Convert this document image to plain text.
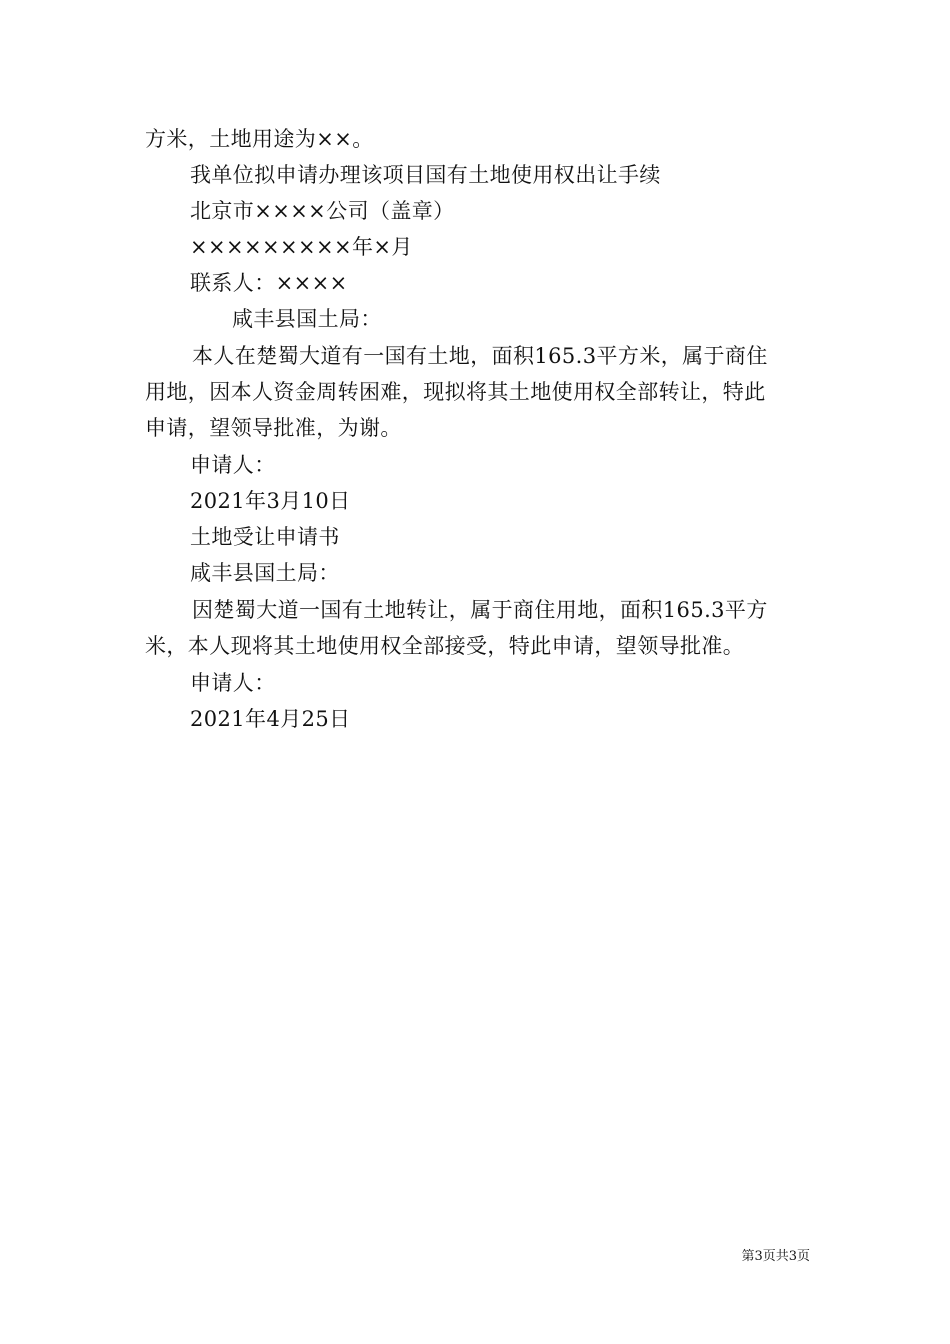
方米，土地用途为××。
我单位拟申请办理该项目国有土地使用权出让手续
北京市××××公司（盖章）
×××××××××年×月
联系人：××××
咸丰县国土局：
本人在楚蜀大道有一国有土地，面积165.3平方米，属于商住
用地，因本人资金周转困难，现拟将其土地使用权全部转让，特此
申请，望领导批准，为谢。
申请人：
2021年3月10日
土地受让申请书
咸丰县国土局：
因楚蜀大道一国有土地转让，属于商住用地，面积165.3平方
米，本人现将其土地使用权全部接受，特此申请，望领导批准。
申请人：
2021年4月25日
第3页共3页
